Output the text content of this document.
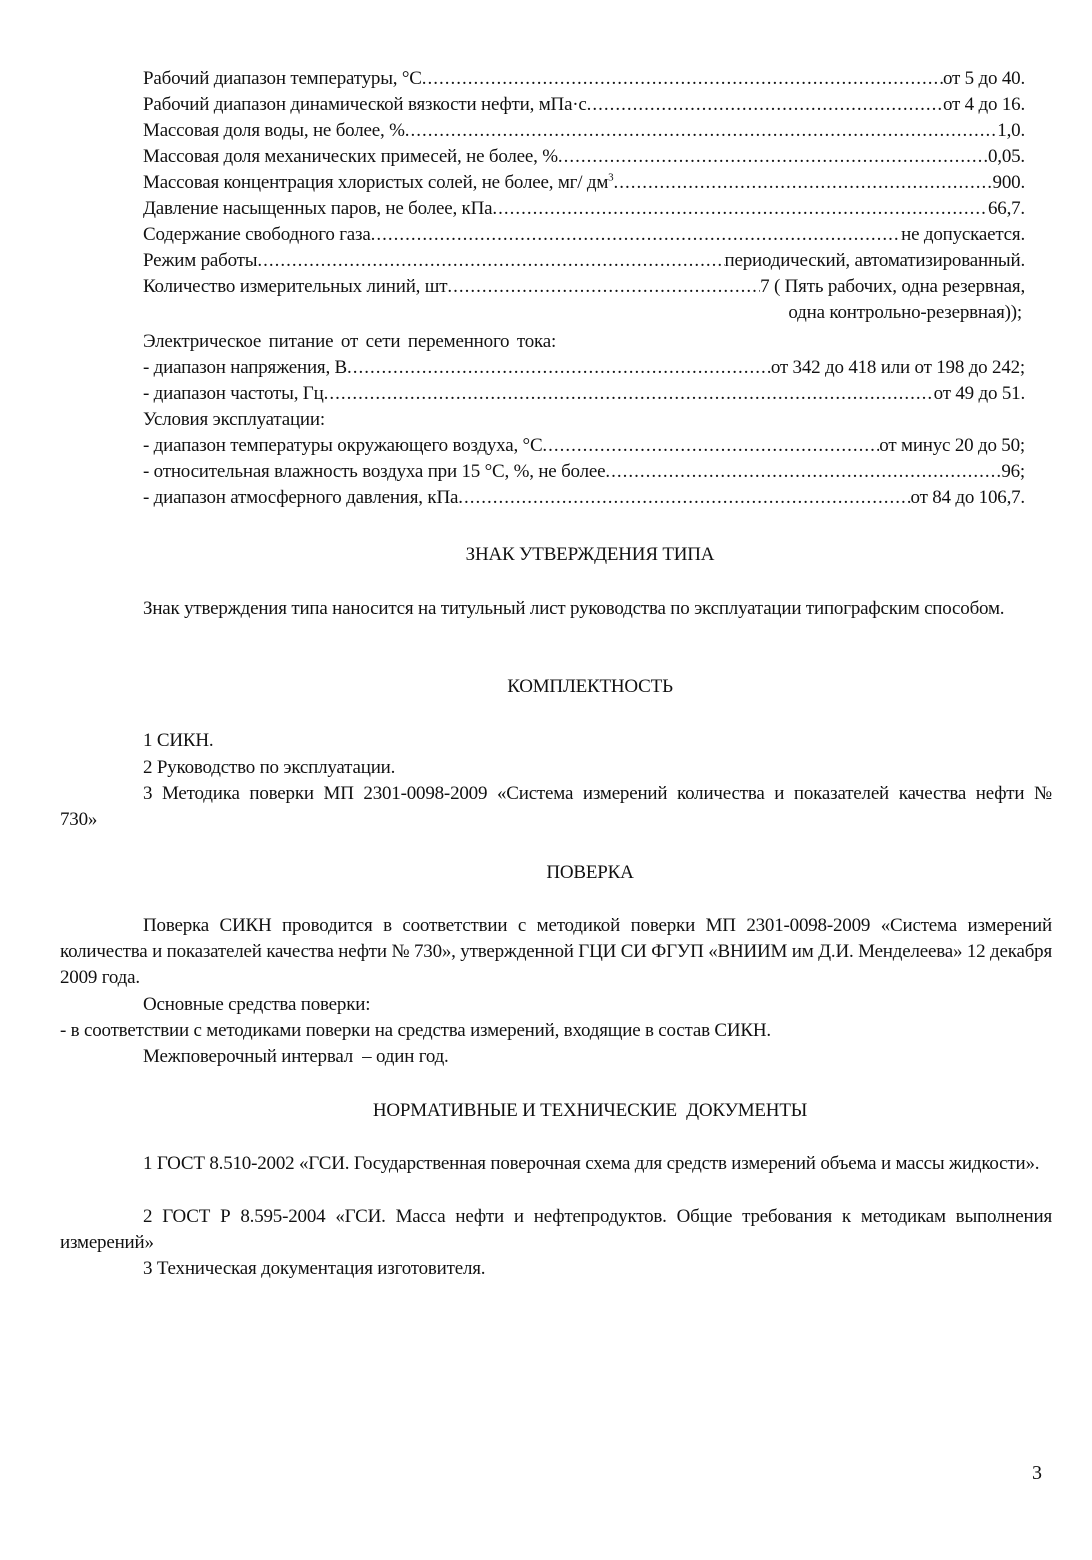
Рабочий диапазон температуры, °С .....	от 5 до 40.
Рабочий диапазон динамической вязкости нефти, мПа·с .....	от 4 до 16.
Массовая доля воды, не более, % .....	1,0.
Массовая доля механических примесей, не более, % .....	0,05.
Массовая концентрация хлористых солей, не более, мг/ $дм^3$ .....	900.
Давление насыщенных паров, не более, кПа .....	66,7.
Содержание свободного газа .....	не допускается.
Режим работы .....	периодический, автоматизированный.
Количество измерительных линий, шт .....	7 ( Пять рабочих, одна резервная,
одна контрольно-резервная));
Электрическое питание от сети переменного тока:
- диапазон напряжения, В .....	от 342 до 418 или от 198 до 242;
- диапазон частоты, Гц .....	от 49 до 51.
Условия эксплуатации:
- диапазон температуры окружающего воздуха, °С .....	от минус 20 до 50;
- относительная влажность воздуха при 15 °С, %, не более .....	96;
- диапазон атмосферного давления, кПа .....	от 84 до 106,7.
ЗНАК УТВЕРЖДЕНИЯ ТИПА
Знак утверждения типа наносится на титульный лист руководства по эксплуатации типографским способом.
КОМПЛЕКТНОСТЬ
1 СИКН.
2 Руководство по эксплуатации.
3 Методика поверки МП 2301-0098-2009 «Система измерений количества и показателей качества нефти № 730»
ПОВЕРКА
Поверка СИКН проводится в соответствии с методикой поверки МП 2301-0098-2009 «Система измерений количества и показателей качества нефти № 730», утвержденной ГЦИ СИ ФГУП «ВНИИМ им Д.И. Менделеева» 12 декабря 2009 года.
Основные средства поверки:
- в соответствии с методиками поверки на средства измерений, входящие в состав СИКН.
Межповерочный интервал  – один год.
НОРМАТИВНЫЕ И ТЕХНИЧЕСКИЕ  ДОКУМЕНТЫ
1 ГОСТ 8.510-2002 «ГСИ. Государственная поверочная схема для средств измерений объема и массы жидкости».
2 ГОСТ Р 8.595-2004 «ГСИ. Масса нефти и нефтепродуктов. Общие требования к методикам выполнения измерений»
3 Техническая документация изготовителя.
3
